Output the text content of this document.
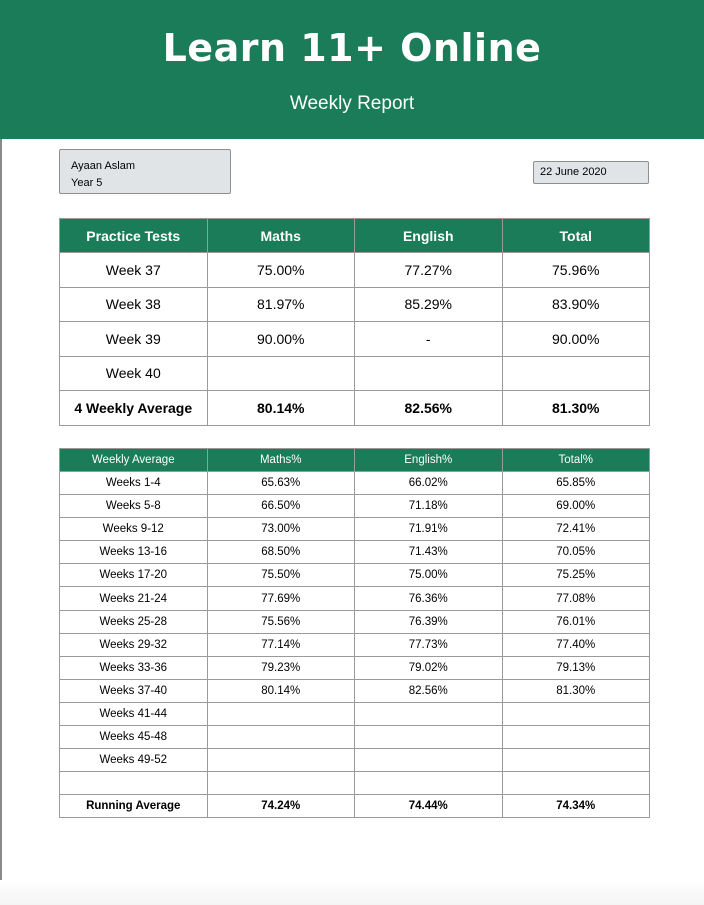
Learn 11+ Online
Weekly Report
Ayaan Aslam
Year 5
22 June 2020
Practice Tests	Maths	English	Total
Week 37	75.00%	77.27%	75.96%
Week 38	81.97%	85.29%	83.90%
Week 39	90.00%	-	90.00%
Week 40			
4 Weekly Average	80.14%	82.56%	81.30%
Weekly Average	Maths%	English%	Total%
Weeks 1-4	65.63%	66.02%	65.85%
Weeks 5-8	66.50%	71.18%	69.00%
Weeks 9-12	73.00%	71.91%	72.41%
Weeks 13-16	68.50%	71.43%	70.05%
Weeks 17-20	75.50%	75.00%	75.25%
Weeks 21-24	77.69%	76.36%	77.08%
Weeks 25-28	75.56%	76.39%	76.01%
Weeks 29-32	77.14%	77.73%	77.40%
Weeks 33-36	79.23%	79.02%	79.13%
Weeks 37-40	80.14%	82.56%	81.30%
Weeks 41-44			
Weeks 45-48			
Weeks 49-52			

Running Average	74.24%	74.44%	74.34%
